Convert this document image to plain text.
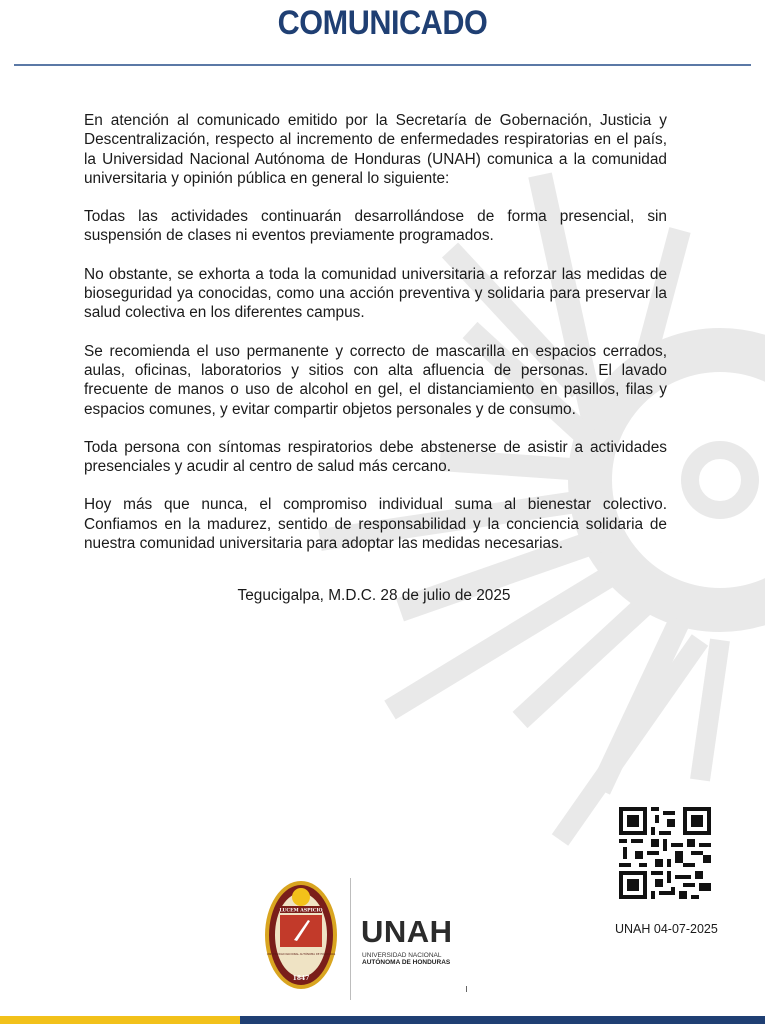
COMUNICADO

En atención al comunicado emitido por la Secretaría de Gobernación, Justicia y Descentralización, respecto al incremento de enfermedades respiratorias en el país, la Universidad Nacional Autónoma de Honduras (UNAH) comunica a la comunidad universitaria y opinión pública en general lo siguiente:

Todas las actividades continuarán desarrollándose de forma presencial, sin suspensión de clases ni eventos previamente programados.

No obstante, se exhorta a toda la comunidad universitaria a reforzar las medidas de bioseguridad ya conocidas, como una acción preventiva y solidaria para preservar la salud colectiva en los diferentes campus.

Se recomienda el uso permanente y correcto de mascarilla en espacios cerrados, aulas, oficinas, laboratorios y sitios con alta afluencia de personas. El lavado frecuente de manos o uso de alcohol en gel, el distanciamiento en pasillos, filas y espacios comunes, y evitar compartir objetos personales y de consumo.

Toda persona con síntomas respiratorios debe abstenerse de asistir a actividades presenciales y acudir al centro de salud más cercano.

Hoy más que nunca, el compromiso individual suma al bienestar colectivo. Confiamos en la madurez, sentido de responsabilidad y la conciencia solidaria de nuestra comunidad universitaria para adoptar las medidas necesarias.

Tegucigalpa, M.D.C. 28 de julio de 2025
UNAH 04-07-2025
LUCEM ASPICIO
UNIVERSIDAD NACIONAL AUTÓNOMA DE HONDURAS
1847
UNAH
UNIVERSIDAD NACIONAL
AUTÓNOMA DE HONDURAS
